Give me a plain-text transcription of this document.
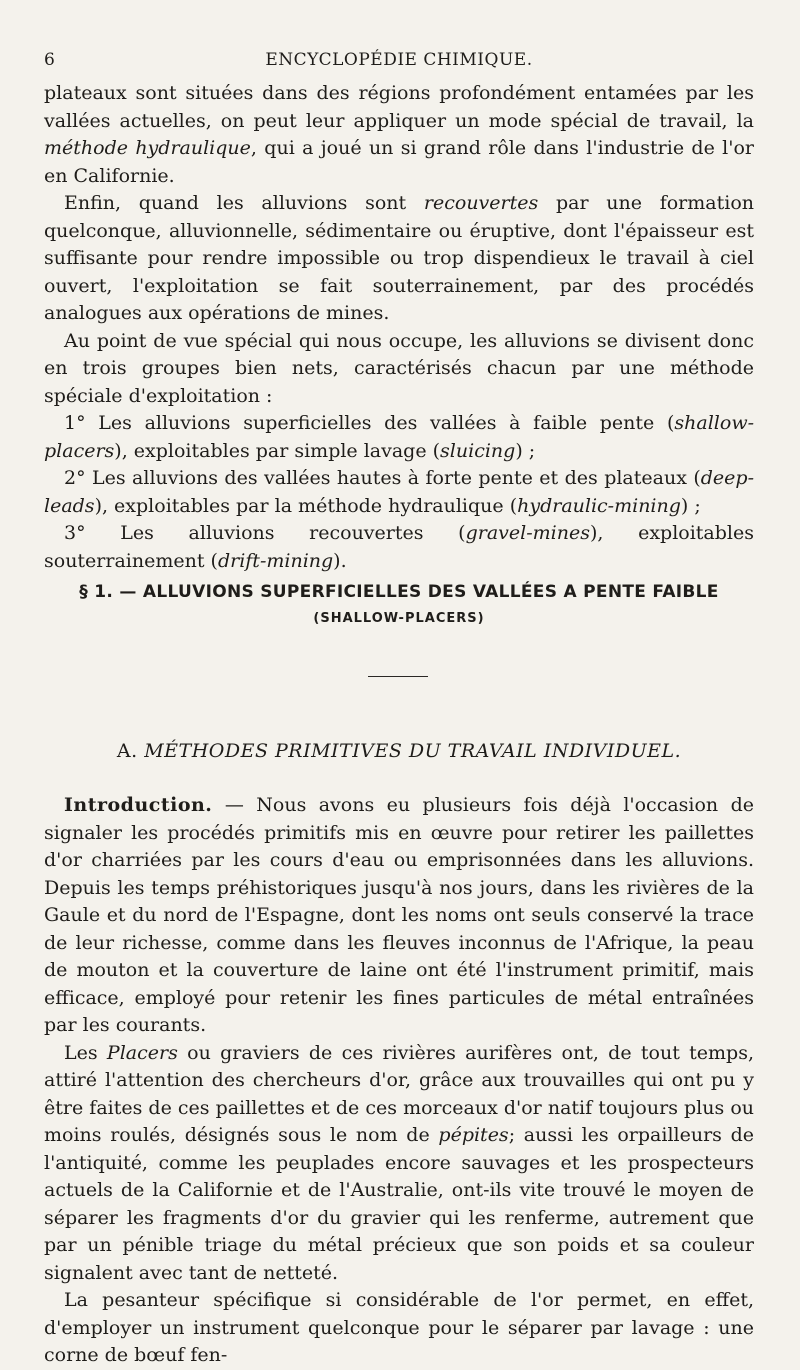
6	ENCYCLOPÉDIE CHIMIQUE.

plateaux sont situées dans des régions profondément entamées par les vallées actuelles, on peut leur appliquer un mode spécial de travail, la méthode hydraulique, qui a joué un si grand rôle dans l'industrie de l'or en Californie.

Enfin, quand les alluvions sont recouvertes par une formation quelconque, alluvionnelle, sédimentaire ou éruptive, dont l'épaisseur est suffisante pour rendre impossible ou trop dispendieux le travail à ciel ouvert, l'exploitation se fait souterrainement, par des procédés analogues aux opérations de mines.

Au point de vue spécial qui nous occupe, les alluvions se divisent donc en trois groupes bien nets, caractérisés chacun par une méthode spéciale d'exploitation :

1° Les alluvions superficielles des vallées à faible pente (shallow-placers), exploitables par simple lavage (sluicing) ;

2° Les alluvions des vallées hautes à forte pente et des plateaux (deep-leads), exploitables par la méthode hydraulique (hydraulic-mining) ;

3° Les alluvions recouvertes (gravel-mines), exploitables souterrainement (drift-mining).

§ 1. — ALLUVIONS SUPERFICIELLES DES VALLÉES A PENTE FAIBLE
(SHALLOW-PLACERS)
A. MÉTHODES PRIMITIVES DU TRAVAIL INDIVIDUEL.

Introduction. — Nous avons eu plusieurs fois déjà l'occasion de signaler les procédés primitifs mis en œuvre pour retirer les paillettes d'or charriées par les cours d'eau ou emprisonnées dans les alluvions. Depuis les temps préhistoriques jusqu'à nos jours, dans les rivières de la Gaule et du nord de l'Espagne, dont les noms ont seuls conservé la trace de leur richesse, comme dans les fleuves inconnus de l'Afrique, la peau de mouton et la couverture de laine ont été l'instrument primitif, mais efficace, employé pour retenir les fines particules de métal entraînées par les courants.

Les Placers ou graviers de ces rivières aurifères ont, de tout temps, attiré l'attention des chercheurs d'or, grâce aux trouvailles qui ont pu y être faites de ces paillettes et de ces morceaux d'or natif toujours plus ou moins roulés, désignés sous le nom de pépites; aussi les orpailleurs de l'antiquité, comme les peuplades encore sauvages et les prospecteurs actuels de la Californie et de l'Australie, ont-ils vite trouvé le moyen de séparer les fragments d'or du gravier qui les renferme, autrement que par un pénible triage du métal précieux que son poids et sa couleur signalent avec tant de netteté.

La pesanteur spécifique si considérable de l'or permet, en effet, d'employer un instrument quelconque pour le séparer par lavage : une corne de bœuf fen-
